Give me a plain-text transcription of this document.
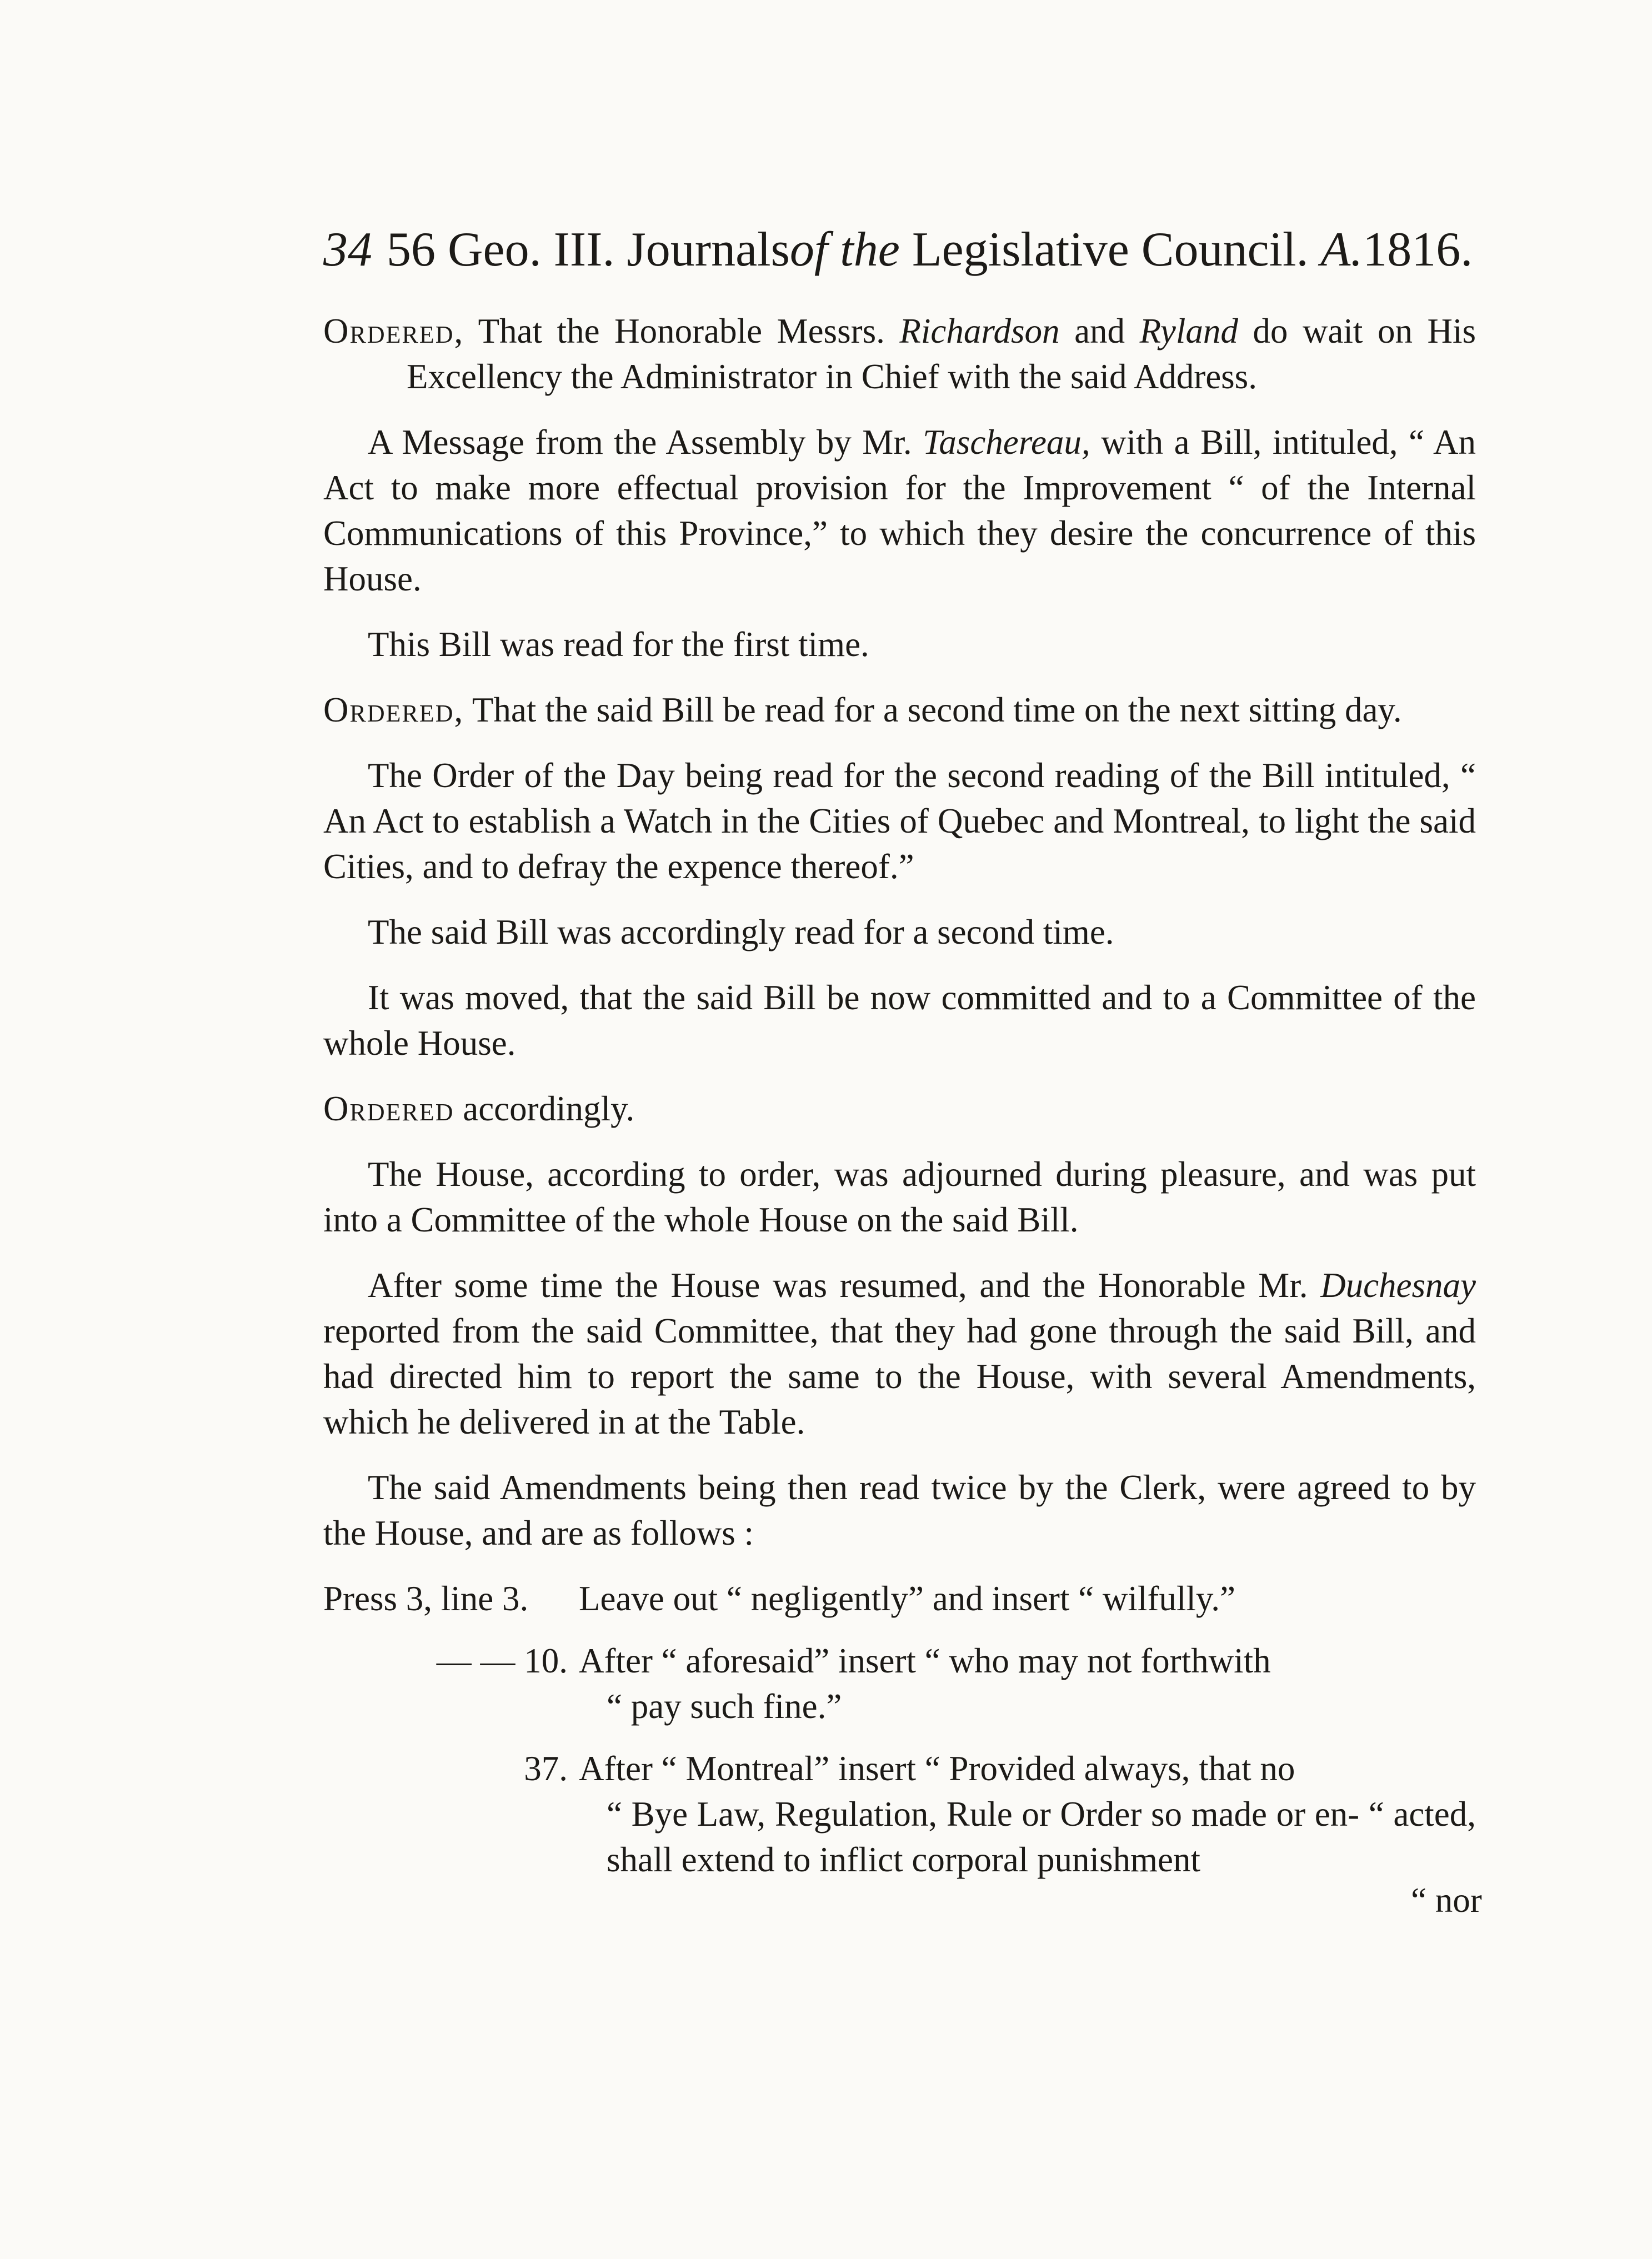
34 56 Geo. III.
Journals of the
Legislative Council.
A. 1816.

Ordered, That the Honorable Messrs. Richardson and Ryland do wait on His Excellency the Administrator in Chief with the said Address.

A Message from the Assembly by Mr. Taschereau, with a Bill, intituled, “ An Act to make more effectual provision for the Improvement “ of the Internal Communications of this Province,” to which they desire the concurrence of this House.

This Bill was read for the first time.

Ordered, That the said Bill be read for a second time on the next sitting day.

The Order of the Day being read for the second reading of the Bill intituled, “ An Act to establish a Watch in the Cities of Quebec and Montreal, to light the said Cities, and to defray the expence thereof.”

The said Bill was accordingly read for a second time.

It was moved, that the said Bill be now committed and to a Committee of the whole House.

Ordered accordingly.

The House, according to order, was adjourned during pleasure, and was put into a Committee of the whole House on the said Bill.

After some time the House was resumed, and the Honorable Mr. Duchesnay reported from the said Committee, that they had gone through the said Bill, and had directed him to report the same to the House, with several Amendments, which he delivered in at the Table.

The said Amendments being then read twice by the Clerk, were agreed to by the House, and are as follows :

Press 3, line 3.	Leave out “ negligently” and insert “ wilfully.”
— — 10. After “ aforesaid” insert “ who may not forthwith
“ pay such fine.”
37. After “ Montreal” insert “ Provided always, that no
“ Bye Law, Regulation, Rule or Order so made or en- “ acted, shall extend to inflict corporal punishment
“ nor
